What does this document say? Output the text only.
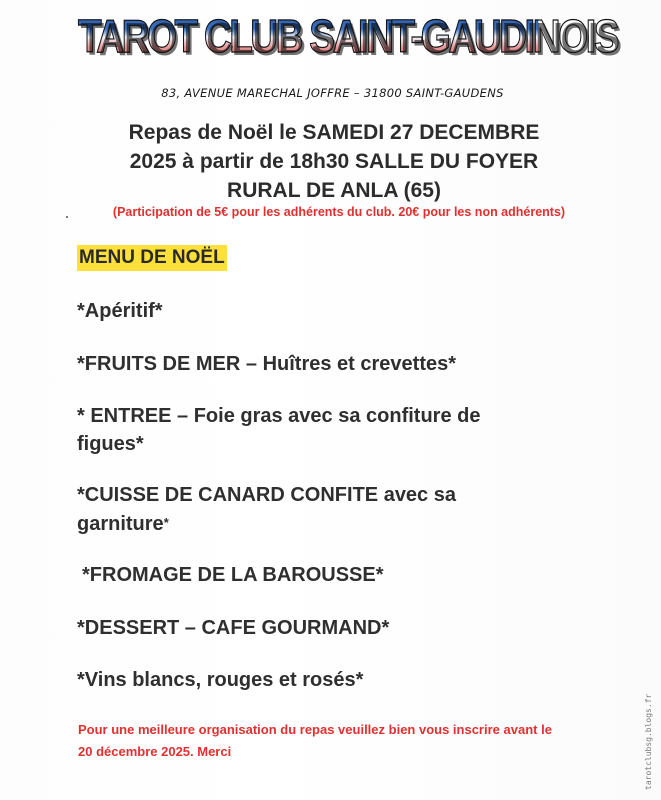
TAROT CLUB SAINT-GAUDINOIS
83, AVENUE MARECHAL JOFFRE – 31800 SAINT-GAUDENS
Repas de Noël le SAMEDI 27 DECEMBRE
2025 à partir de 18h30 SALLE DU FOYER
RURAL DE ANLA (65)
(Participation de 5€ pour les adhérents du club. 20€ pour les non adhérents)
MENU DE NOËL
*Apéritif*
*FRUITS DE MER – Huîtres et crevettes*
* ENTREE – Foie gras avec sa confiture de
figues*
*CUISSE DE CANARD CONFITE avec sa
garniture*
*FROMAGE DE LA BAROUSSE*
*DESSERT – CAFE GOURMAND*
*Vins blancs, rouges et rosés*
Pour une meilleure organisation du repas veuillez bien vous inscrire avant le
20 décembre 2025. Merci	tarotclubsg.blogs.fr
